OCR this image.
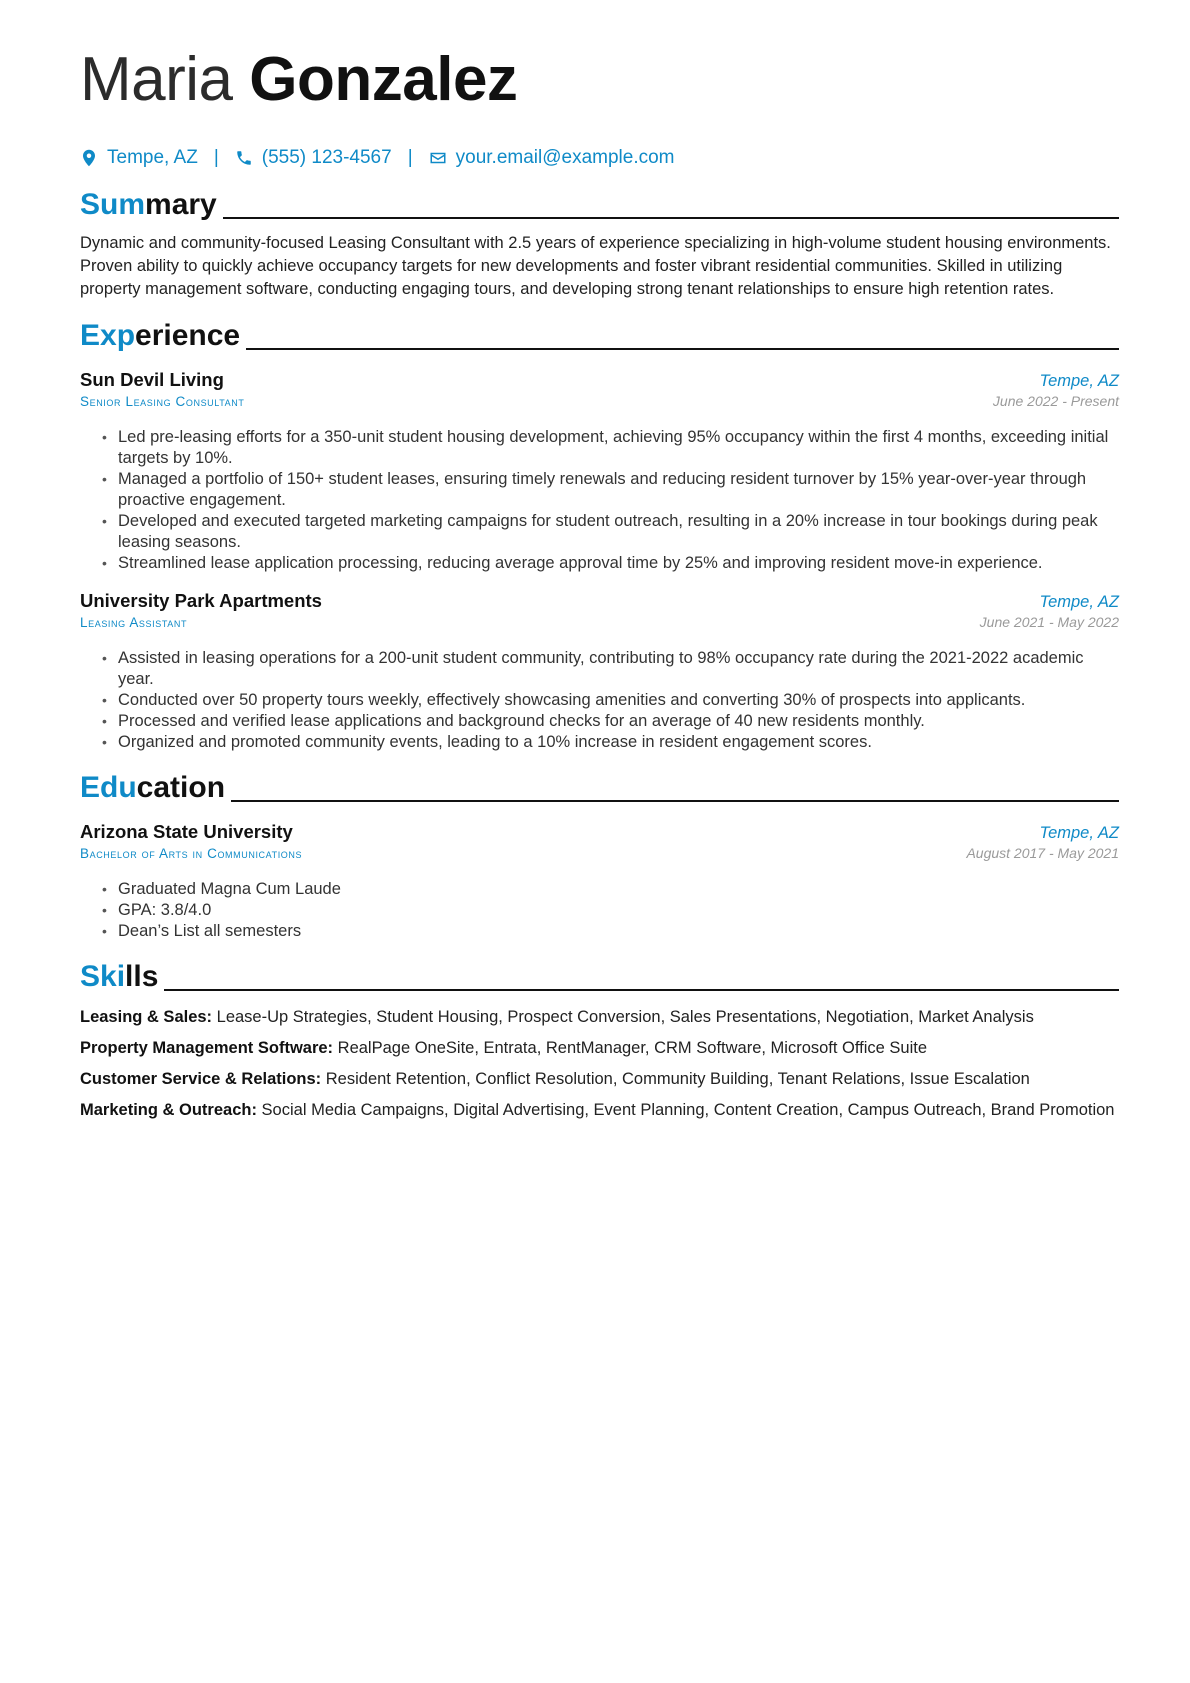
Maria Gonzalez
Tempe, AZ | (555) 123-4567 | your.email@example.com
Summary

Dynamic and community-focused Leasing Consultant with 2.5 years of experience specializing in high-volume student housing environments. Proven ability to quickly achieve occupancy targets for new developments and foster vibrant residential communities. Skilled in utilizing property management software, conducting engaging tours, and developing strong tenant relationships to ensure high retention rates.

Experience
Sun Devil Living	Tempe, AZ
Senior Leasing Consultant	June 2022 - Present
• Led pre-leasing efforts for a 350-unit student housing development, achieving 95% occupancy within the first 4 months, exceeding initial targets by 10%.
• Managed a portfolio of 150+ student leases, ensuring timely renewals and reducing resident turnover by 15% year-over-year through proactive engagement.
• Developed and executed targeted marketing campaigns for student outreach, resulting in a 20% increase in tour bookings during peak leasing seasons.
• Streamlined lease application processing, reducing average approval time by 25% and improving resident move-in experience.
University Park Apartments	Tempe, AZ
Leasing Assistant	June 2021 - May 2022
• Assisted in leasing operations for a 200-unit student community, contributing to 98% occupancy rate during the 2021-2022 academic year.
• Conducted over 50 property tours weekly, effectively showcasing amenities and converting 30% of prospects into applicants.
• Processed and verified lease applications and background checks for an average of 40 new residents monthly.
• Organized and promoted community events, leading to a 10% increase in resident engagement scores.
Education
Arizona State University	Tempe, AZ
Bachelor of Arts in Communications	August 2017 - May 2021
• Graduated Magna Cum Laude
• GPA: 3.8/4.0
• Dean’s List all semesters
Skills
Leasing & Sales: Lease-Up Strategies, Student Housing, Prospect Conversion, Sales Presentations, Negotiation, Market Analysis
Property Management Software: RealPage OneSite, Entrata, RentManager, CRM Software, Microsoft Office Suite
Customer Service & Relations: Resident Retention, Conflict Resolution, Community Building, Tenant Relations, Issue Escalation
Marketing & Outreach: Social Media Campaigns, Digital Advertising, Event Planning, Content Creation, Campus Outreach, Brand Promotion
